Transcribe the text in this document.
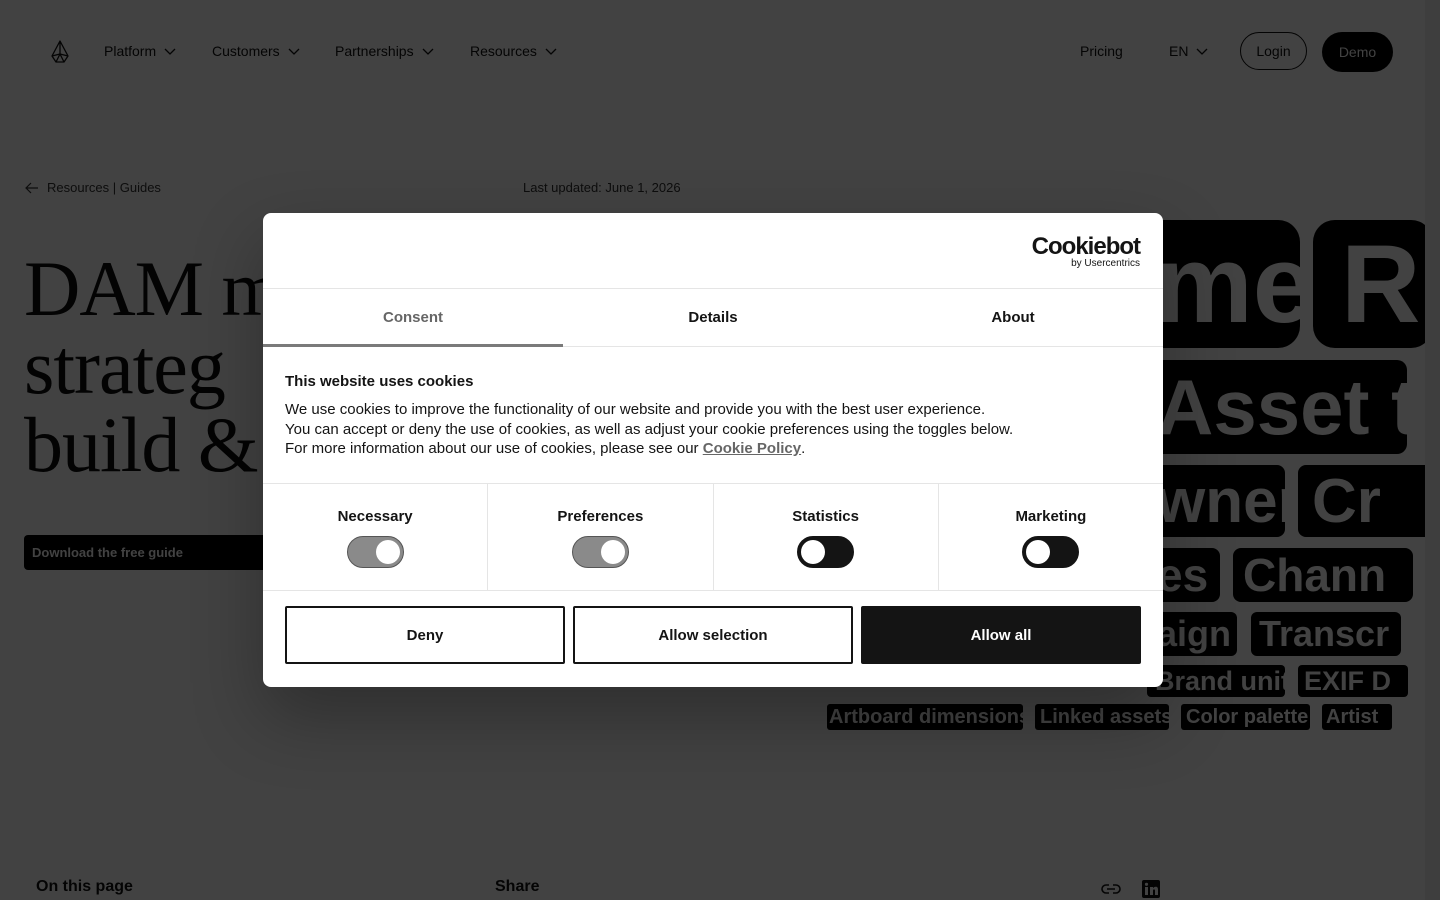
Cookiebot
by Usercentrics
Consent	Details	About
This website uses cookies

We use cookies to improve the functionality of our website and provide you with the best user experience.
You can accept or deny the use of cookies, as well as adjust your cookie preferences using the toggles below.
For more information about our use of cookies, please see our Cookie Policy.

Necessary	Preferences	Statistics	Marketing
Deny	Allow selection	Allow all
